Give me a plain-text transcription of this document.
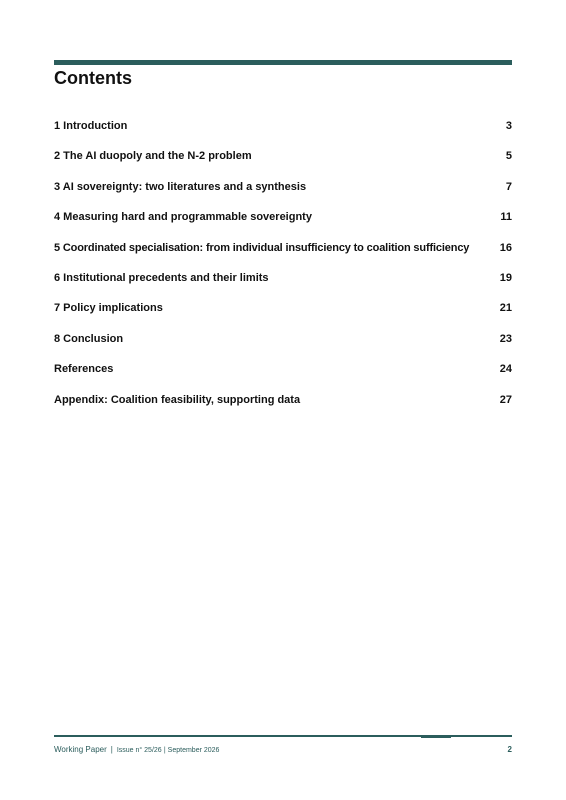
Contents
1 Introduction	3
2 The AI duopoly and the N-2 problem	5
3 AI sovereignty: two literatures and a synthesis	7
4 Measuring hard and programmable sovereignty	11
5 Coordinated specialisation: from individual insufficiency to coalition sufficiency	16
6 Institutional precedents and their limits	19
7 Policy implications	21
8 Conclusion	23
References	24
Appendix: Coalition feasibility, supporting data	27
Working Paper | Issue n° 25/26 | September 2026	2
